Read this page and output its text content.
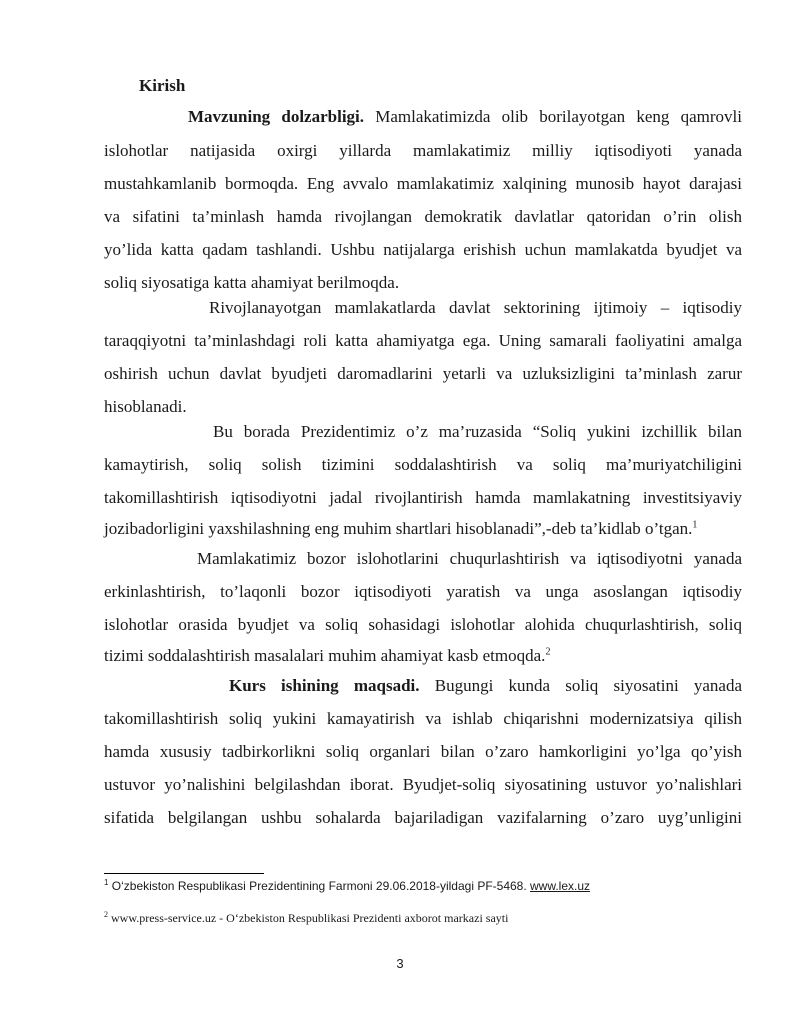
Kirish
Mavzuning dolzarbligi. Mamlakatimizda olib borilayotgan keng qamrovli
islohotlar natijasida oxirgi yillarda mamlakatimiz milliy iqtisodiyoti yanada
mustahkamlanib bormoqda. Eng avvalo mamlakatimiz xalqining munosib hayot darajasi
va sifatini ta’minlash hamda rivojlangan demokratik davlatlar qatoridan o’rin olish
yo’lida katta qadam tashlandi. Ushbu natijalarga erishish uchun mamlakatda byudjet va
soliq siyosatiga katta ahamiyat berilmoqda.
Rivojlanayotgan mamlakatlarda davlat sektorining ijtimoiy – iqtisodiy
taraqqiyotni ta’minlashdagi roli katta ahamiyatga ega. Uning samarali faoliyatini amalga
oshirish uchun davlat byudjeti daromadlarini yetarli va uzluksizligini ta’minlash zarur
hisoblanadi.
Bu borada Prezidentimiz o’z ma’ruzasida “Soliq yukini izchillik bilan
kamaytirish, soliq solish tizimini soddalashtirish va soliq ma’muriyatchiligini
takomillashtirish iqtisodiyotni jadal rivojlantirish hamda mamlakatning investitsiyaviy
jozibadorligini yaxshilashning eng muhim shartlari hisoblanadi”,-deb ta’kidlab o’tgan.$^1$
Mamlakatimiz bozor islohotlarini chuqurlashtirish va iqtisodiyotni yanada
erkinlashtirish, to’laqonli bozor iqtisodiyoti yaratish va unga asoslangan iqtisodiy
islohotlar orasida byudjet va soliq sohasidagi islohotlar alohida chuqurlashtirish, soliq
tizimi soddalashtirish masalalari muhim ahamiyat kasb etmoqda.$^2$
Kurs ishining maqsadi. Bugungi kunda soliq siyosatini yanada
takomillashtirish soliq yukini kamayatirish va ishlab chiqarishni modernizatsiya qilish
hamda xususiy tadbirkorlikni soliq organlari bilan o’zaro hamkorligini yo’lga qo’yish
ustuvor yo’nalishini belgilashdan iborat. Byudjet-soliq siyosatining ustuvor yo’nalishlari
sifatida belgilangan ushbu sohalarda bajariladigan vazifalarning o’zaro uyg’unligini
$^1$ O‘zbekiston Respublikasi Prezidentining Farmoni 29.06.2018-yildagi PF-5468. www.lex.uz
$^2$ www.press-service.uz - O‘zbekiston Respublikasi Prezidenti axborot markazi sayti
3
